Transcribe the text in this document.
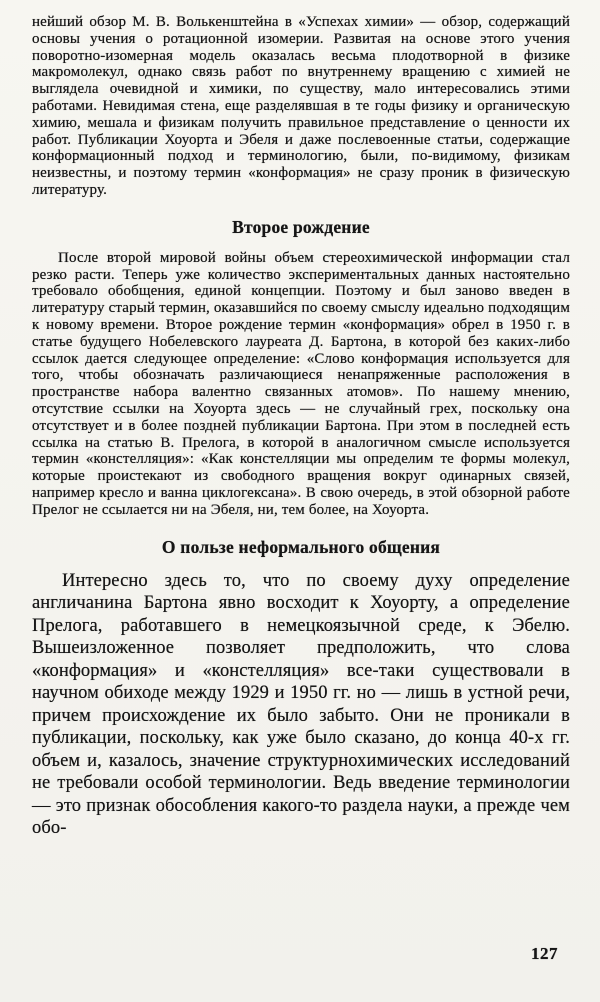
нейший обзор М. В. Волькенштейна в «Успехах химии» — обзор, содержащий основы учения о ротационной изомерии. Развитая на основе этого учения поворотно-изомерная модель оказалась весьма плодотворной в физике макромолекул, однако связь работ по внутреннему вращению с химией не выглядела очевидной и химики, по существу, мало интересовались этими работами. Невидимая стена, еще разделявшая в те годы физику и органическую химию, мешала и физикам получить правильное представление о ценности их работ. Публикации Хоуорта и Эбеля и даже послевоенные статьи, содержащие конформационный подход и терминологию, были, по-видимому, физикам неизвестны, и поэтому термин «конформация» не сразу проник в физическую литературу.

Второе рождение

После второй мировой войны объем стереохимической информации стал резко расти. Теперь уже количество экспериментальных данных настоятельно требовало обобщения, единой концепции. Поэтому и был заново введен в литературу старый термин, оказавшийся по своему смыслу идеально подходящим к новому времени. Второе рождение термин «конформация» обрел в 1950 г. в статье будущего Нобелевского лауреата Д. Бартона, в которой без каких-либо ссылок дается следующее определение: «Слово конформация используется для того, чтобы обозначать различающиеся ненапряженные расположения в пространстве набора валентно связанных атомов». По нашему мнению, отсутствие ссылки на Хоуорта здесь — не случайный грех, поскольку она отсутствует и в более поздней публикации Бартона. При этом в последней есть ссылка на статью В. Прелога, в которой в аналогичном смысле используется термин «констелляция»: «Как констелляции мы определим те формы молекул, которые проистекают из свободного вращения вокруг одинарных связей, например кресло и ванна циклогексана». В свою очередь, в этой обзорной работе Прелог не ссылается ни на Эбеля, ни, тем более, на Хоуорта.

О пользе неформального общения

Интересно здесь то, что по своему духу определение англичанина Бартона явно восходит к Хоуорту, а определение Прелога, работавшего в немецкоязычной среде, к Эбелю. Вышеизложенное позволяет предположить, что слова «конформация» и «констелляция» все-таки существовали в научном обиходе между 1929 и 1950 гг. но — лишь в устной речи, причем происхождение их было забыто. Они не проникали в публикации, поскольку, как уже было сказано, до конца 40-х гг. объем и, казалось, значение структурнохимических исследований не требовали особой терминологии. Ведь введение терминологии — это признак обособления какого-то раздела науки, а прежде чем обо-

127
